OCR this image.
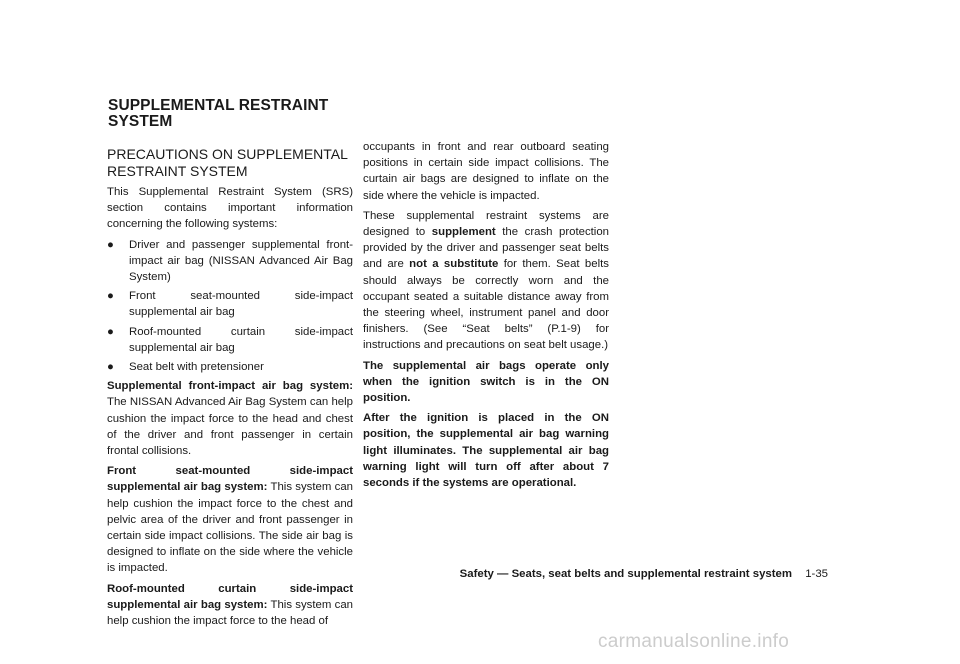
SUPPLEMENTAL RESTRAINT SYSTEM
PRECAUTIONS ON SUPPLEMENTAL RESTRAINT SYSTEM

This Supplemental Restraint System (SRS) section contains important information concerning the following systems:

● Driver and passenger supplemental front-impact air bag (NISSAN Advanced Air Bag System)
● Front seat-mounted side-impact supplemental air bag
● Roof-mounted curtain side-impact supplemental air bag
● Seat belt with pretensioner

Supplemental front-impact air bag system: The NISSAN Advanced Air Bag System can help cushion the impact force to the head and chest of the driver and front passenger in certain frontal collisions.

Front seat-mounted side-impact supplemental air bag system: This system can help cushion the impact force to the chest and pelvic area of the driver and front passenger in certain side impact collisions. The side air bag is designed to inflate on the side where the vehicle is impacted.

Roof-mounted curtain side-impact supplemental air bag system: This system can help cushion the impact force to the head of

occupants in front and rear outboard seating positions in certain side impact collisions. The curtain air bags are designed to inflate on the side where the vehicle is impacted.

These supplemental restraint systems are designed to supplement the crash protection provided by the driver and passenger seat belts and are not a substitute for them. Seat belts should always be correctly worn and the occupant seated a suitable distance away from the steering wheel, instrument panel and door finishers. (See “Seat belts” (P.1-9) for instructions and precautions on seat belt usage.)

The supplemental air bags operate only when the ignition switch is in the ON position.

After the ignition is placed in the ON position, the supplemental air bag warning light illuminates. The supplemental air bag warning light will turn off after about 7 seconds if the systems are operational.

Safety — Seats, seat belts and supplemental restraint system 1-35
carmanualsonline.info
